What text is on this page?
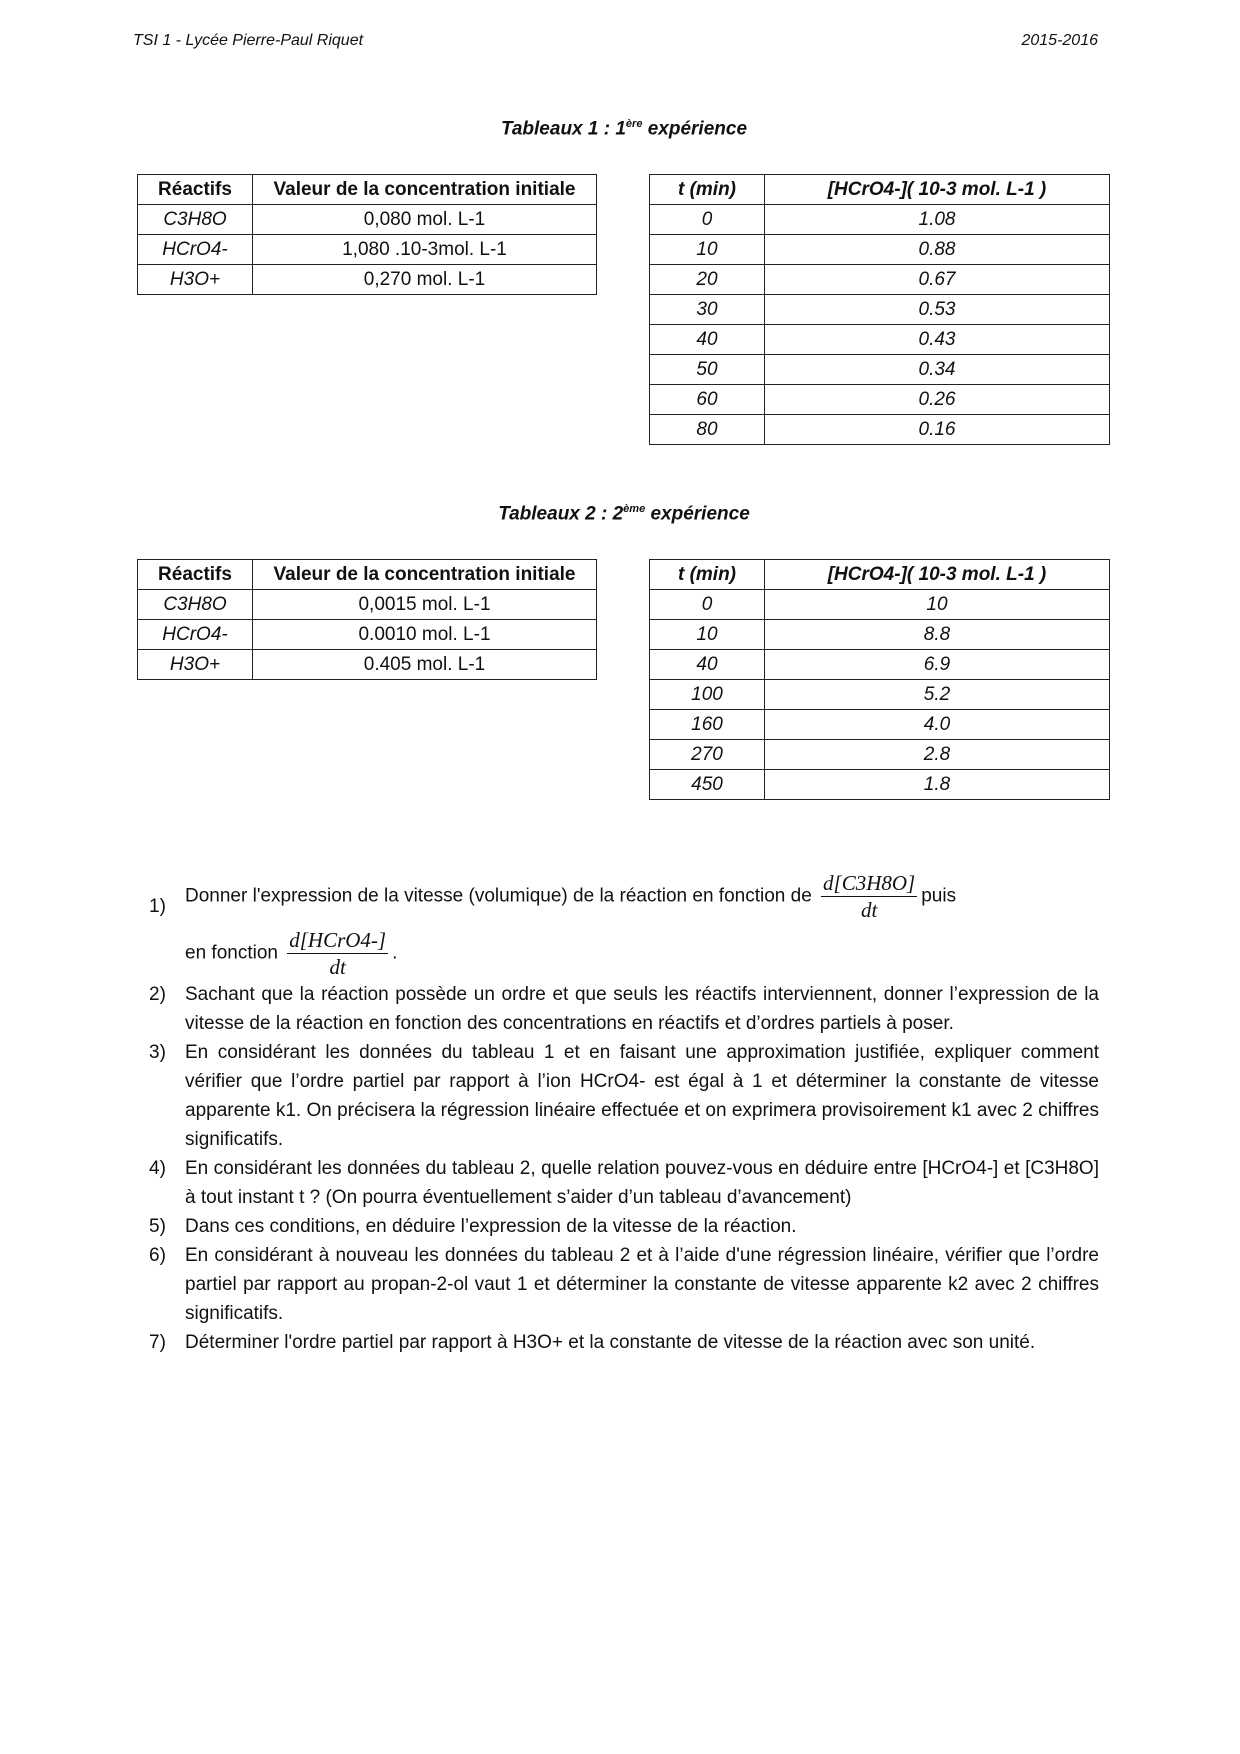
TSI 1 - Lycée Pierre-Paul Riquet	2015-2016
Tableaux 1 : 1ère expérience
Réactifs	Valeur de la concentration initiale
C3H8O	0,080 mol. L-1
HCrO4-	1,080 .10-3mol. L-1
H3O+	0,270 mol. L-1
t (min)	[HCrO4-]( 10-3 mol. L-1 )
0	1.08
10	0.88
20	0.67
30	0.53
40	0.43
50	0.34
60	0.26
80	0.16
Tableaux 2 : 2ème expérience
Réactifs	Valeur de la concentration initiale
C3H8O	0,0015 mol. L-1
HCrO4-	0.0010 mol. L-1
H3O+	0.405 mol. L-1
t (min)	[HCrO4-]( 10-3 mol. L-1 )
0	10
10	8.8
40	6.9
100	5.2
160	4.0
270	2.8
450	1.8
1) Donner l'expression de la vitesse (volumique) de la réaction en fonction de $\frac{d[C3H8O]}{dt}$ puis
en fonction $\frac{\text{d[HCrO4-]}}{dt}$ .
2) Sachant que la réaction possède un ordre et que seuls les réactifs interviennent, donner l’expression de la vitesse de la réaction en fonction des concentrations en réactifs et d’ordres partiels à poser.
3) En considérant les données du tableau 1 et en faisant une approximation justifiée, expliquer comment vérifier que l’ordre partiel par rapport à l’ion HCrO4- est égal à 1 et déterminer la constante de vitesse apparente k1. On précisera la régression linéaire effectuée et on exprimera provisoirement k1 avec 2 chiffres significatifs.
4) En considérant les données du tableau 2, quelle relation pouvez-vous en déduire entre [HCrO4-] et [C3H8O] à tout instant t ? (On pourra éventuellement s’aider d’un tableau d’avancement)
5) Dans ces conditions, en déduire l’expression de la vitesse de la réaction.
6) En considérant à nouveau les données du tableau 2 et à l’aide d'une régression linéaire, vérifier que l’ordre partiel par rapport au propan-2-ol vaut 1 et déterminer la constante de vitesse apparente k2 avec 2 chiffres significatifs.
7) Déterminer l'ordre partiel par rapport à H3O+ et la constante de vitesse de la réaction avec son unité.
